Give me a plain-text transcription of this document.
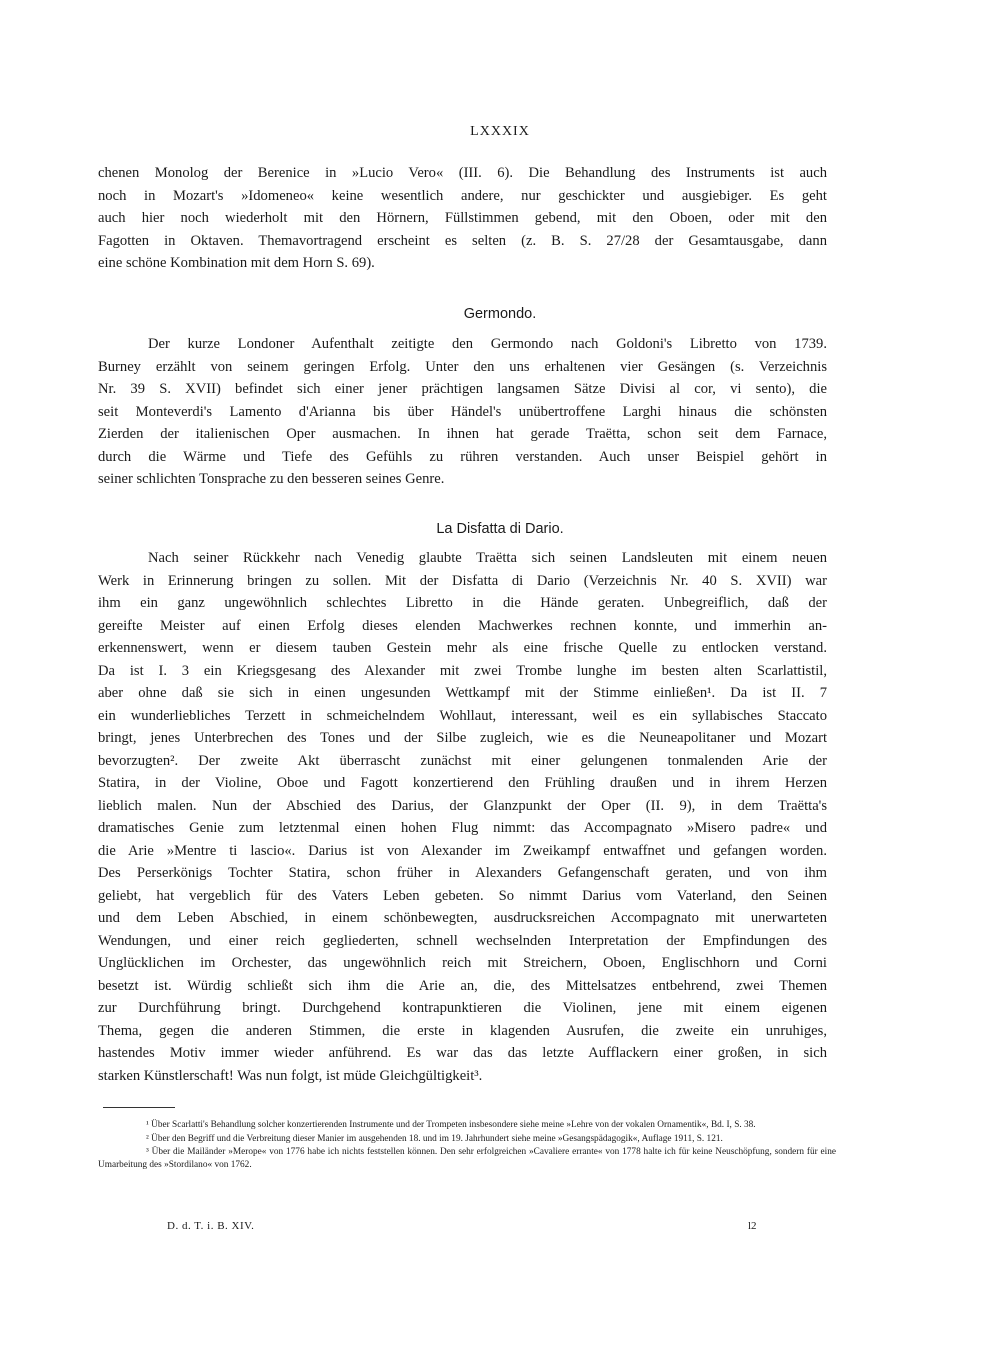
LXXXIX

chenen Monolog der Berenice in »Lucio Vero« (III. 6). Die Behandlung des Instruments ist auch

noch in Mozart's »Idomeneo« keine wesentlich andere, nur geschickter und ausgiebiger. Es geht

auch hier noch wiederholt mit den Hörnern, Füllstimmen gebend, mit den Oboen, oder mit den

Fagotten in Oktaven. Themavortragend erscheint es selten (z. B. S. 27/28 der Gesamtausgabe, dann

eine schöne Kombination mit dem Horn S. 69).

Germondo.

Der kurze Londoner Aufenthalt zeitigte den Germondo nach Goldoni's Libretto von 1739.

Burney erzählt von seinem geringen Erfolg. Unter den uns erhaltenen vier Gesängen (s. Verzeichnis

Nr. 39 S. XVII) befindet sich einer jener prächtigen langsamen Sätze Divisi al cor, vi sento), die

seit Monteverdi's Lamento d'Arianna bis über Händel's unübertroffene Larghi hinaus die schönsten

Zierden der italienischen Oper ausmachen. In ihnen hat gerade Traëtta, schon seit dem Farnace,

durch die Wärme und Tiefe des Gefühls zu rühren verstanden. Auch unser Beispiel gehört in

seiner schlichten Tonsprache zu den besseren seines Genre.

La Disfatta di Dario.

Nach seiner Rückkehr nach Venedig glaubte Traëtta sich seinen Landsleuten mit einem neuen

Werk in Erinnerung bringen zu sollen. Mit der Disfatta di Dario (Verzeichnis Nr. 40 S. XVII) war

ihm ein ganz ungewöhnlich schlechtes Libretto in die Hände geraten. Unbegreiflich, daß der

gereifte Meister auf einen Erfolg dieses elenden Machwerkes rechnen konnte, und immerhin an-

erkennenswert, wenn er diesem tauben Gestein mehr als eine frische Quelle zu entlocken verstand.

Da ist I. 3 ein Kriegsgesang des Alexander mit zwei Trombe lunghe im besten alten Scarlattistil,

aber ohne daß sie sich in einen ungesunden Wettkampf mit der Stimme einließen¹. Da ist II. 7

ein wunderliebliches Terzett in schmeichelndem Wohllaut, interessant, weil es ein syllabisches Staccato

bringt, jenes Unterbrechen des Tones und der Silbe zugleich, wie es die Neuneapolitaner und Mozart

bevorzugten². Der zweite Akt überrascht zunächst mit einer gelungenen tonmalenden Arie der

Statira, in der Violine, Oboe und Fagott konzertierend den Frühling draußen und in ihrem Herzen

lieblich malen. Nun der Abschied des Darius, der Glanzpunkt der Oper (II. 9), in dem Traëtta's

dramatisches Genie zum letztenmal einen hohen Flug nimmt: das Accompagnato »Misero padre« und

die Arie »Mentre ti lascio«. Darius ist von Alexander im Zweikampf entwaffnet und gefangen worden.

Des Perserkönigs Tochter Statira, schon früher in Alexanders Gefangenschaft geraten, und von ihm

geliebt, hat vergeblich für des Vaters Leben gebeten. So nimmt Darius vom Vaterland, den Seinen

und dem Leben Abschied, in einem schönbewegten, ausdrucksreichen Accompagnato mit unerwarteten

Wendungen, und einer reich gegliederten, schnell wechselnden Interpretation der Empfindungen des

Unglücklichen im Orchester, das ungewöhnlich reich mit Streichern, Oboen, Englischhorn und Corni

besetzt ist. Würdig schließt sich ihm die Arie an, die, des Mittelsatzes entbehrend, zwei Themen

zur Durchführung bringt. Durchgehend kontrapunktieren die Violinen, jene mit einem eigenen

Thema, gegen die anderen Stimmen, die erste in klagenden Ausrufen, die zweite ein unruhiges,

hastendes Motiv immer wieder anführend. Es war das das letzte Aufflackern einer großen, in sich

starken Künstlerschaft! Was nun folgt, ist müde Gleichgültigkeit³.

¹ Über Scarlatti's Behandlung solcher konzertierenden Instrumente und der Trompeten insbesondere siehe meine »Lehre von der vokalen Ornamentik«, Bd. I, S. 38.

² Über den Begriff und die Verbreitung dieser Manier im ausgehenden 18. und im 19. Jahrhundert siehe meine »Gesangspädagogik«, Auflage 1911, S. 121.

³ Über die Mailänder »Merope« von 1776 habe ich nichts feststellen können. Den sehr erfolgreichen »Cavaliere errante« von 1778 halte ich für keine Neuschöpfung, sondern für eine Umarbeitung des »Stordilano« von 1762.

D. d. T. i. B. XIV.	l2
